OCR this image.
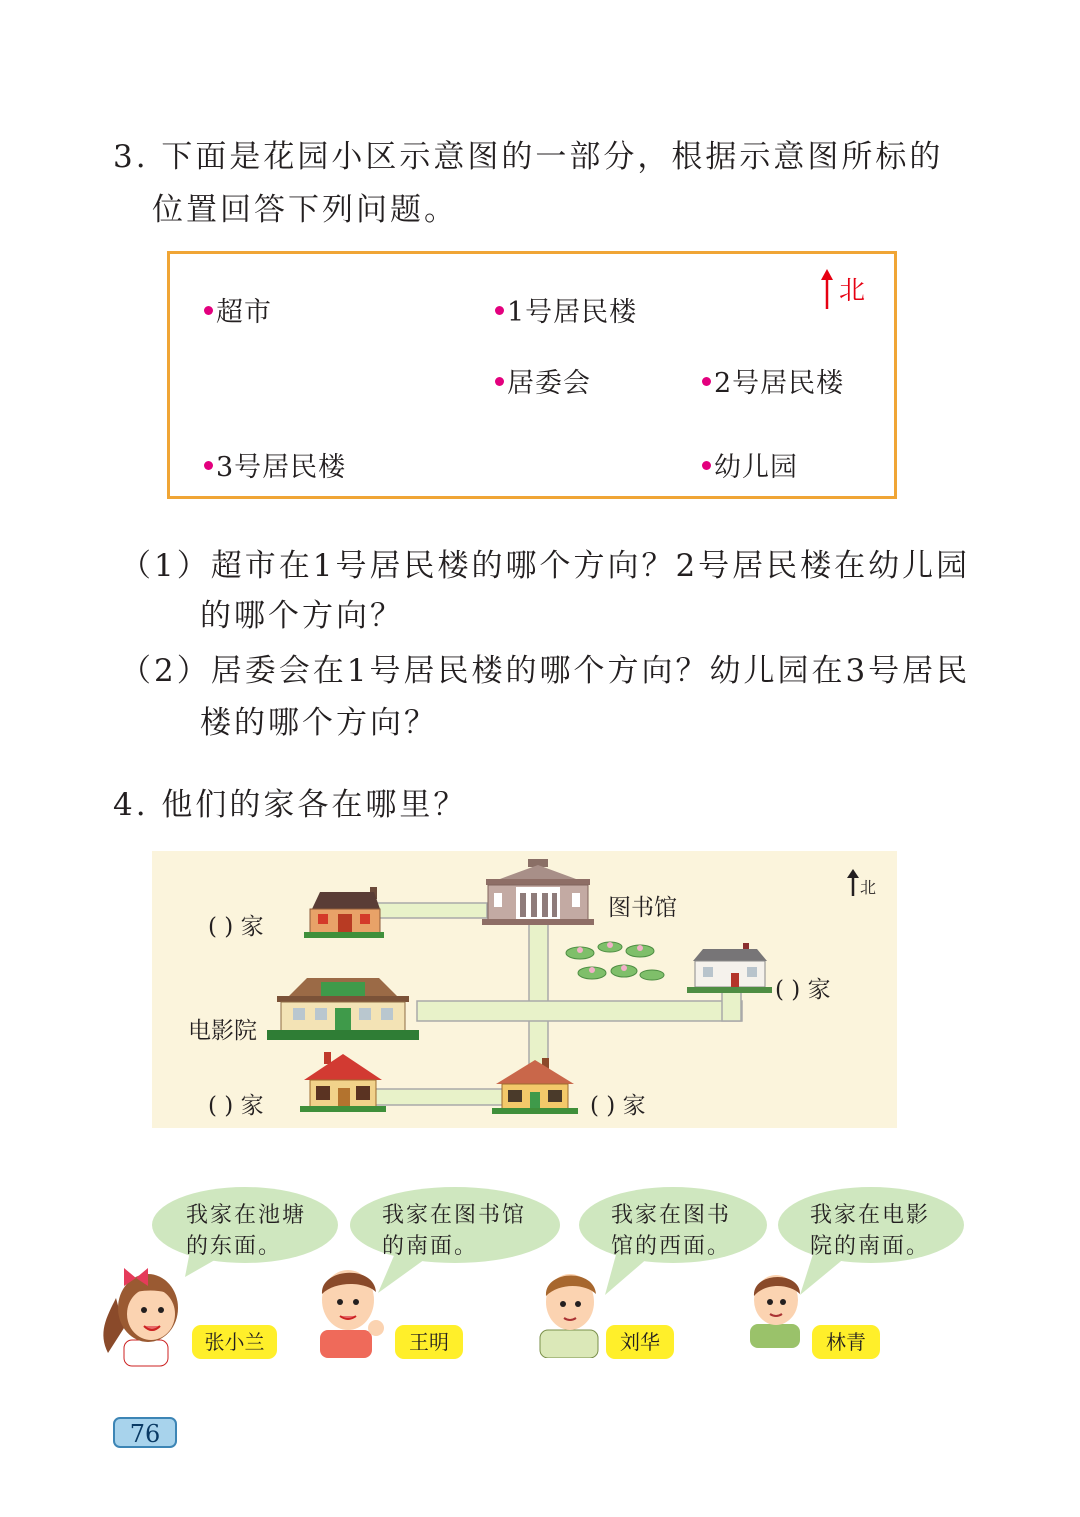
3. 下面是花园小区示意图的一部分，根据示意图所标的
位置回答下列问题。
超市	1号居民楼
居委会	2号居民楼
3号居民楼	幼儿园
北
（1）超市在1号居民楼的哪个方向？2号居民楼在幼儿园
的哪个方向？
（2）居委会在1号居民楼的哪个方向？幼儿园在3号居民
楼的哪个方向？
4. 他们的家各在哪里？
图书馆
电影院
( ) 家
( ) 家
( ) 家	( ) 家
北
我家在池塘
的东面。
我家在图书馆
的南面。
我家在图书
馆的西面。
我家在电影
院的南面。
张小兰	王明	刘华	林青
76
